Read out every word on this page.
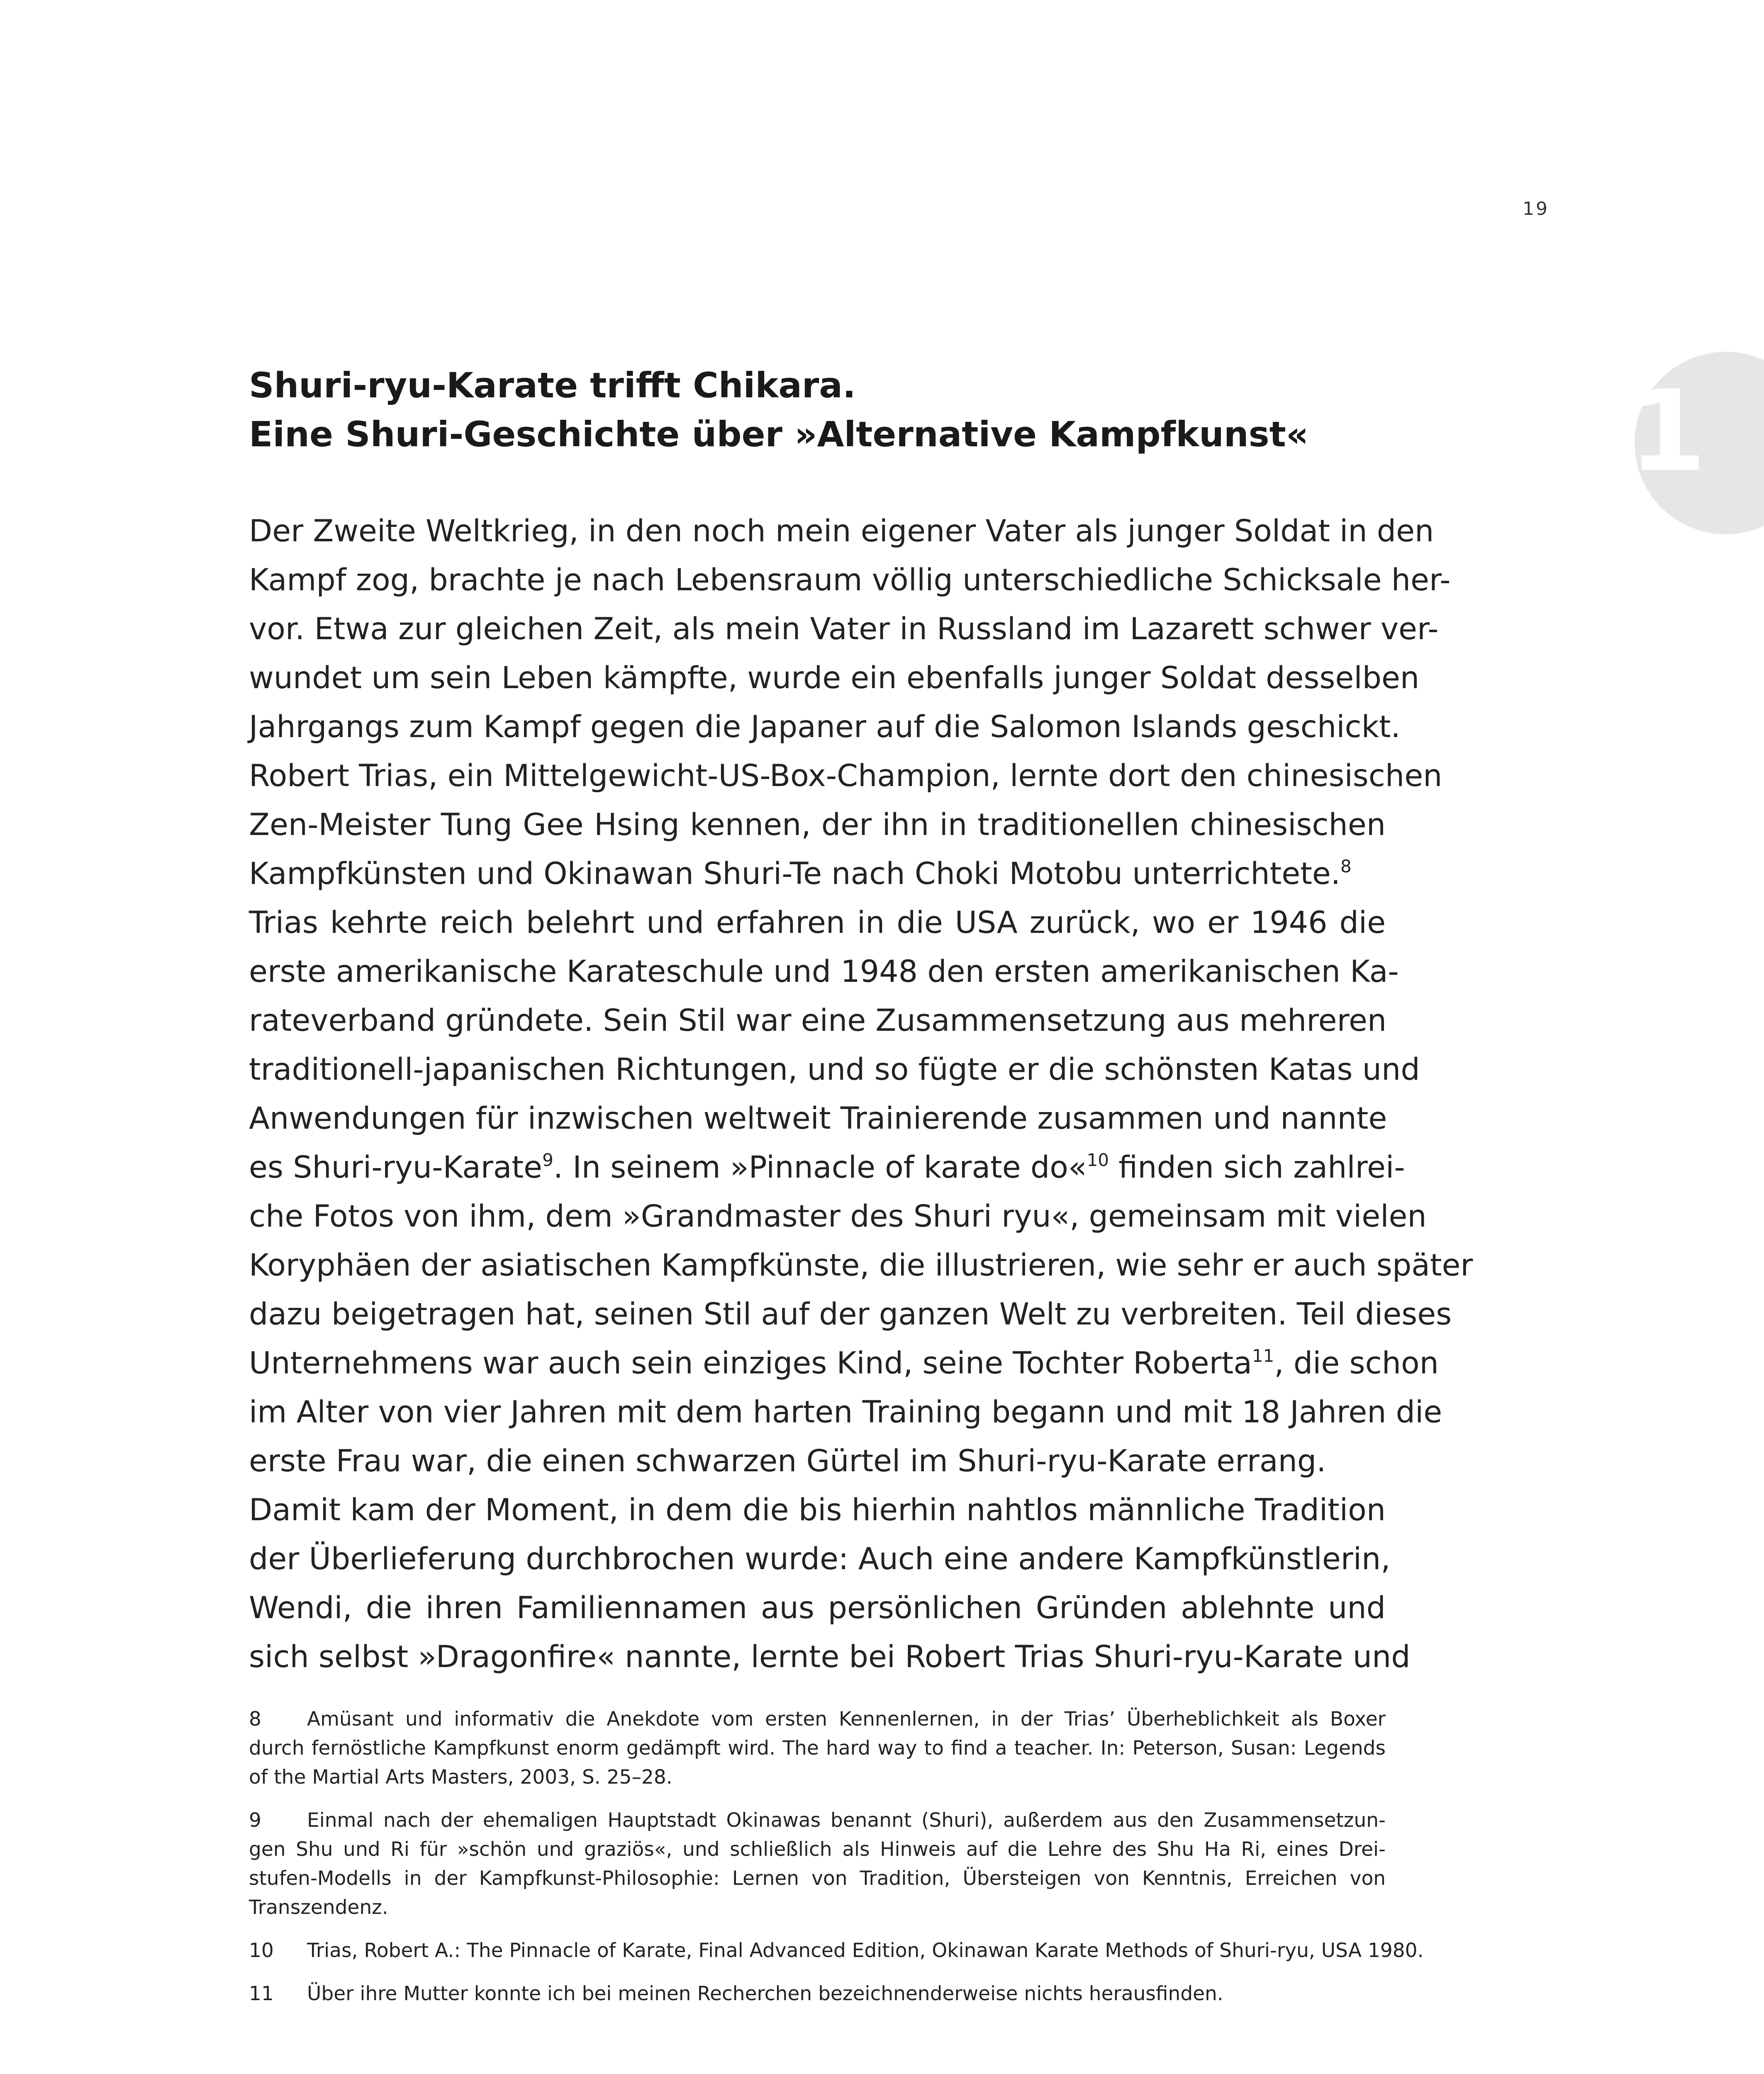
19
1
Shuri-ryu-Karate trifft Chikara.
Eine Shuri-Geschichte über »Alternative Kampfkunst«
Der Zweite Weltkrieg, in den noch mein eigener Vater als junger Soldat in den
Kampf zog, brachte je nach Lebensraum völlig unterschiedliche Schicksale her-
vor. Etwa zur gleichen Zeit, als mein Vater in Russland im Lazarett schwer ver-
wundet um sein Leben kämpfte, wurde ein ebenfalls junger Soldat desselben
Jahrgangs zum Kampf gegen die Japaner auf die Salomon Islands geschickt.
Robert Trias, ein Mittelgewicht-US-Box-Champion, lernte dort den chinesischen
Zen-Meister Tung Gee Hsing kennen, der ihn in traditionellen chinesischen
Kampfkünsten und Okinawan Shuri-Te nach Choki Motobu unterrichtete.$^8$
Trias kehrte reich belehrt und erfahren in die USA zurück, wo er 1946 die
erste amerikanische Karateschule und 1948 den ersten amerikanischen Ka-
rateverband gründete. Sein Stil war eine Zusammensetzung aus mehreren
traditionell-japanischen Richtungen, und so fügte er die schönsten Katas und
Anwendungen für inzwischen weltweit Trainierende zusammen und nannte
es Shuri-ryu-Karate$^9$. In seinem »Pinnacle of karate do«$^{10}$ finden sich zahlrei-
che Fotos von ihm, dem »Grandmaster des Shuri ryu«, gemeinsam mit vielen
Koryphäen der asiatischen Kampfkünste, die illustrieren, wie sehr er auch später
dazu beigetragen hat, seinen Stil auf der ganzen Welt zu verbreiten. Teil dieses
Unternehmens war auch sein einziges Kind, seine Tochter Roberta$^{11}$, die schon
im Alter von vier Jahren mit dem harten Training begann und mit 18 Jahren die
erste Frau war, die einen schwarzen Gürtel im Shuri-ryu-Karate errang.
Damit kam der Moment, in dem die bis hierhin nahtlos männliche Tradition
der Überlieferung durchbrochen wurde: Auch eine andere Kampfkünstlerin,
Wendi, die ihren Familiennamen aus persönlichen Gründen ablehnte und
sich selbst »Dragonfire« nannte, lernte bei Robert Trias Shuri-ryu-Karate und
8 Amüsant und informativ die Anekdote vom ersten Kennenlernen, in der Trias’ Überheblichkeit als Boxer
durch fernöstliche Kampfkunst enorm gedämpft wird. The hard way to find a teacher. In: Peterson, Susan: Legends
of the Martial Arts Masters, 2003, S. 25–28.
9 Einmal nach der ehemaligen Hauptstadt Okinawas benannt (Shuri), außerdem aus den Zusammensetzun-
gen Shu und Ri für »schön und graziös«, und schließlich als Hinweis auf die Lehre des Shu Ha Ri, eines Drei-
stufen-Modells in der Kampfkunst-Philosophie: Lernen von Tradition, Übersteigen von Kenntnis, Erreichen von
Transzendenz.
10 Trias, Robert A.: The Pinnacle of Karate, Final Advanced Edition, Okinawan Karate Methods of Shuri-ryu, USA 1980.
11 Über ihre Mutter konnte ich bei meinen Recherchen bezeichnenderweise nichts herausfinden.
